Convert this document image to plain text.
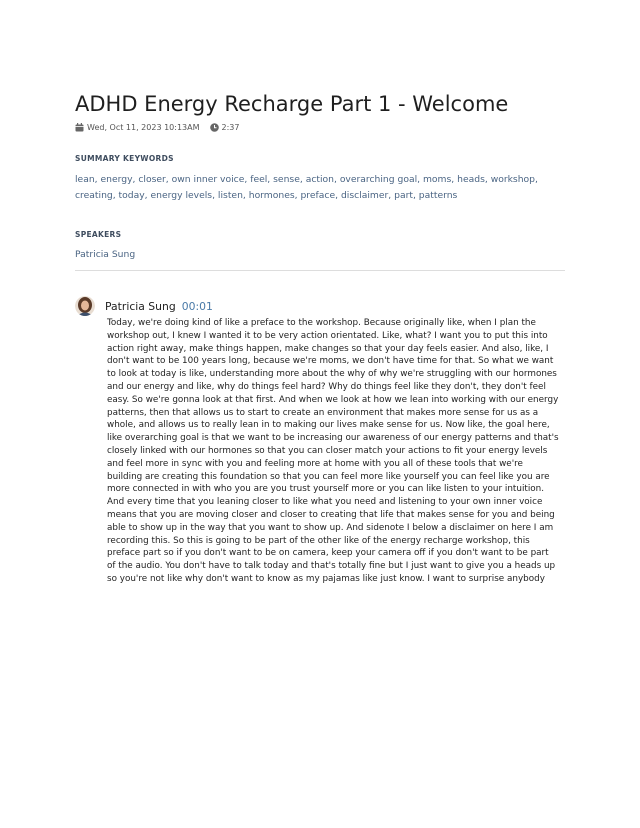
ADHD Energy Recharge Part 1 - Welcome
Wed, Oct 11, 2023 10:13AM	2:37

SUMMARY KEYWORDS

lean, energy, closer, own inner voice, feel, sense, action, overarching goal, moms, heads, workshop, creating, today, energy levels, listen, hormones, preface, disclaimer, part, patterns

SPEAKERS

Patricia Sung
Patricia Sung 00:01
Today, we're doing kind of like a preface to the workshop. Because originally like, when I plan the workshop out, I knew I wanted it to be very action orientated. Like, what? I want you to put this into action right away, make things happen, make changes so that your day feels easier. And also, like, I don't want to be 100 years long, because we're moms, we don't have time for that. So what we want to look at today is like, understanding more about the why of why we're struggling with our hormones and our energy and like, why do things feel hard? Why do things feel like they don't, they don't feel easy. So we're gonna look at that first. And when we look at how we lean into working with our energy patterns, then that allows us to start to create an environment that makes more sense for us as a whole, and allows us to really lean in to making our lives make sense for us. Now like, the goal here, like overarching goal is that we want to be increasing our awareness of our energy patterns and that's closely linked with our hormones so that you can closer match your actions to fit your energy levels and feel more in sync with you and feeling more at home with you all of these tools that we're building are creating this foundation so that you can feel more like yourself you can feel like you are more connected in with who you are you trust yourself more or you can like listen to your intuition. And every time that you leaning closer to like what you need and listening to your own inner voice means that you are moving closer and closer to creating that life that makes sense for you and being able to show up in the way that you want to show up. And sidenote I below a disclaimer on here I am recording this. So this is going to be part of the other like of the energy recharge workshop, this preface part so if you don't want to be on camera, keep your camera off if you don't want to be part of the audio. You don't have to talk today and that's totally fine but I just want to give you a heads up so you're not like why don't want to know as my pajamas like just know. I want to surprise anybody
